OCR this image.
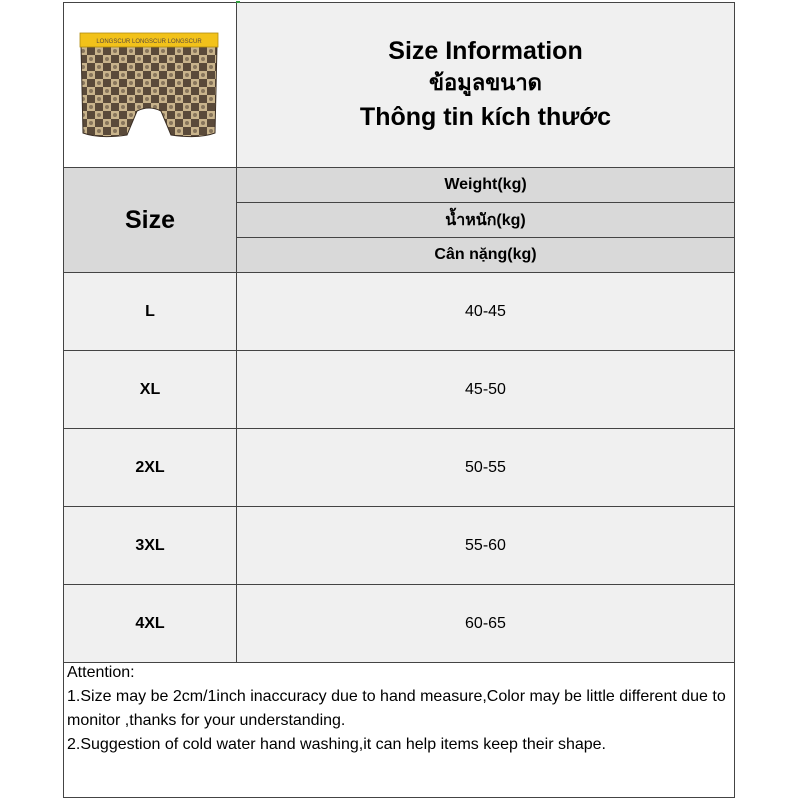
LONGSCUR LONGSCUR LONGSCUR	Size Information
ข้อมูลขนาด
Thông tin kích thước
Size
Weight(kg)
น้ำหนัก(kg)
Cân nặng(kg)
L	40-45
XL	45-50
2XL	50-55
3XL	55-60
4XL	60-65
Attention:
1.Size may be 2cm/1inch inaccuracy due to hand measure,Color may be little different due to monitor ,thanks for your understanding.
2.Suggestion of cold water hand washing,it can help items keep their shape.
